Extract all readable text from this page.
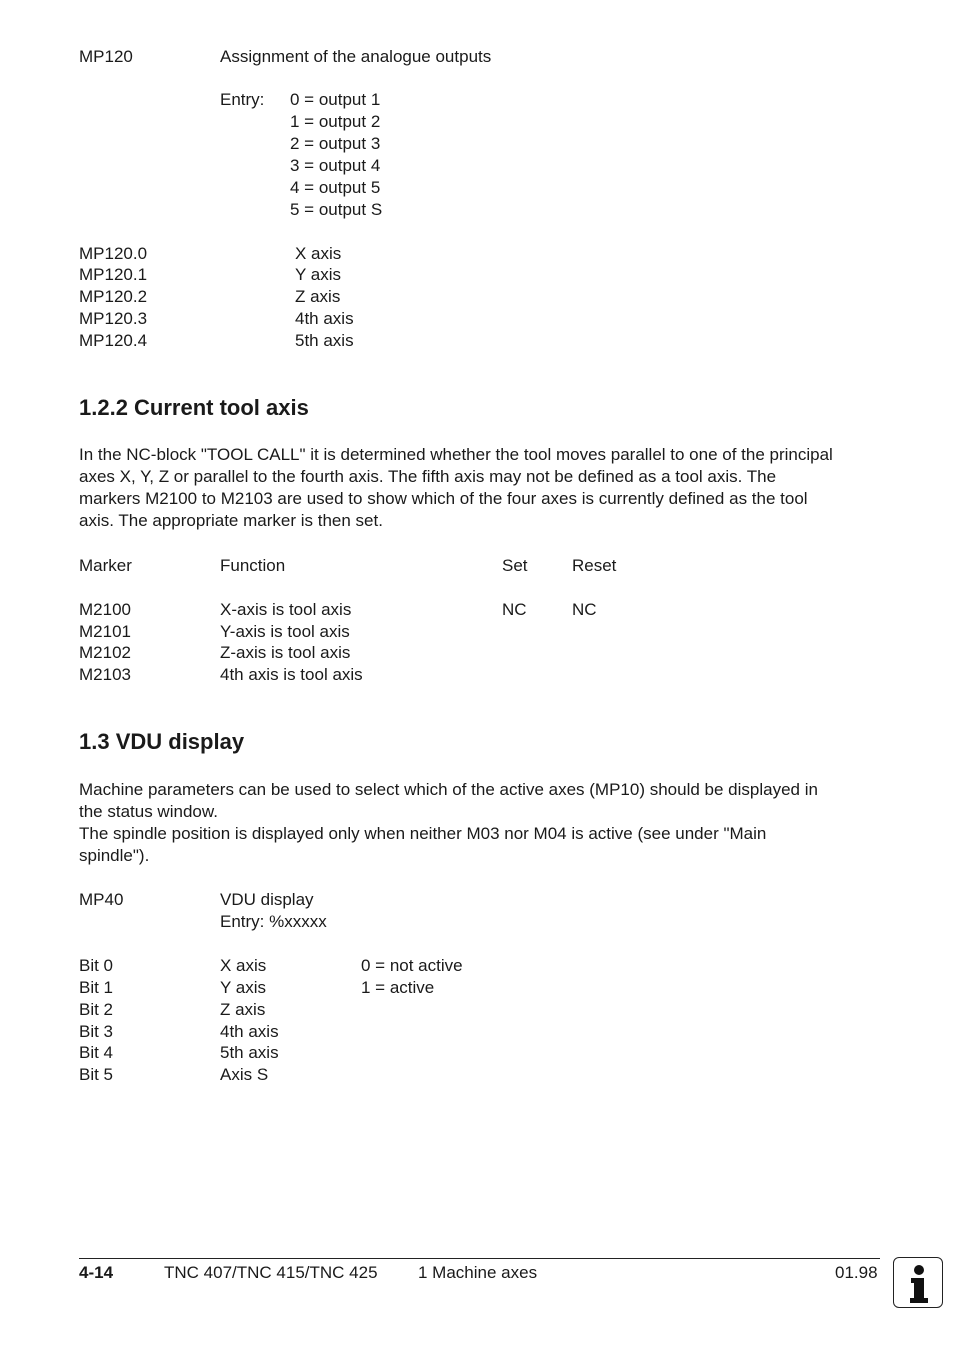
MP120	Assignment of the analogue outputs
Entry: 0 = output 1
1 = output 2
2 = output 3
3 = output 4
4 = output 5
5 = output S
MP120.0	X axis
MP120.1	Y axis
MP120.2	Z axis
MP120.3	4th axis
MP120.4	5th axis
1.2.2 Current tool axis
In the NC-block "TOOL CALL" it is determined whether the tool moves parallel to one of the principal
axes X, Y, Z or parallel to the fourth axis. The fifth axis may not be defined as a tool axis. The
markers M2100 to M2103 are used to show which of the four axes is currently defined as the tool
axis. The appropriate marker is then set.
Marker	Function	Set	Reset
M2100	X-axis is tool axis	NC	NC
M2101	Y-axis is tool axis
M2102	Z-axis is tool axis
M2103	4th axis is tool axis
1.3 VDU display
Machine parameters can be used to select which of the active axes (MP10) should be displayed in
the status window.
The spindle position is displayed only when neither M03 nor M04 is active (see under "Main
spindle").
MP40	VDU display
Entry: %xxxxx
Bit 0	X axis	0 = not active
Bit 1	Y axis	1 = active
Bit 2	Z axis
Bit 3	4th axis
Bit 4	5th axis
Bit 5	Axis S
4-14	TNC 407/TNC 415/TNC 425 1 Machine axes	01.98
